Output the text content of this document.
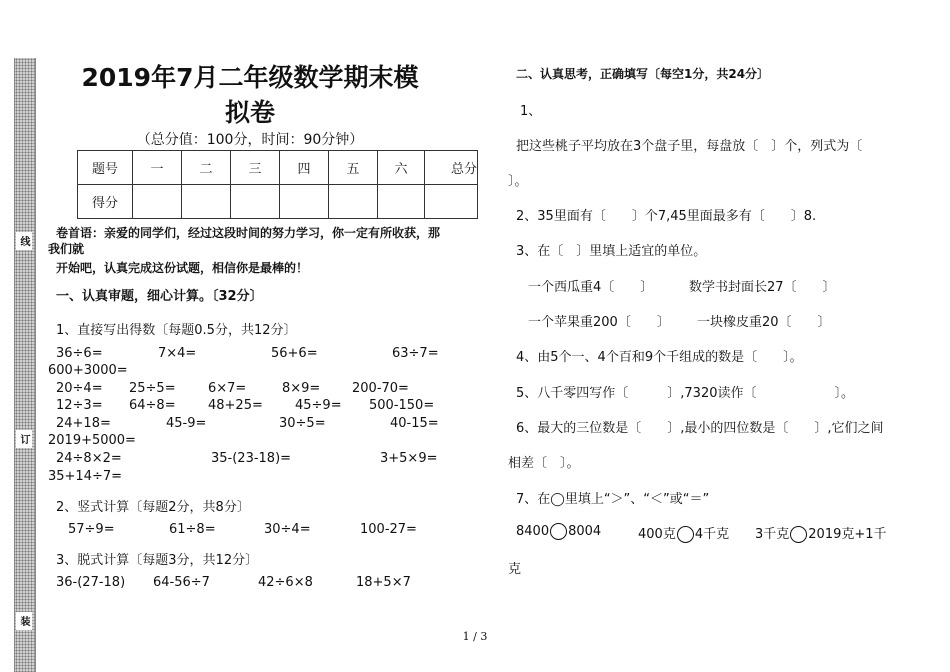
线
订
装
2019年7月二年级数学期末模
拟卷
（总分值：100分，时间：90分钟）
题号	一	二	三	四	五	六	总分
得分							
卷首语：亲爱的同学们，经过这段时间的努力学习，你一定有所收获，那
我们就
开始吧，认真完成这份试题，相信你是最棒的！
一、认真审题，细心计算。〔32分〕
1、直接写出得数〔每题0.5分，共12分〕
36÷6=	7×4=	56+6=	63÷7=
600+3000=
20÷4= 25÷5= 6×7=	8×9= 200-70=
12÷3= 64÷8= 48+25= 45÷9= 500-150=
24+18=	45-9=	30÷5=	40-15=
2019+5000=
24÷8×2=	35-(23-18)=	3+5×9=
35+14÷7=
2、竖式计算〔每题2分，共8分〕
57÷9=	61÷8=	30÷4=	100-27=
3、脱式计算〔每题3分，共12分〕
36-(27-18) 64-56÷7	42÷6×8	18+5×7
二、认真思考，正确填写〔每空1分，共24分〕
1、
把这些桃子平均放在3个盘子里，每盘放〔　〕个，列式为〔
〕。
2、35里面有〔　　〕个7,45里面最多有〔　　〕8.
3、在〔　〕里填上适宜的单位。
一个西瓜重4〔　　〕	数学书封面长27〔　　〕
一个苹果重200〔　　〕 一块橡皮重20〔　　〕
4、由5个一、4个百和9个千组成的数是〔　　〕。
5、八千零四写作〔　　　〕,7320读作〔　　　　　　〕。
6、最大的三位数是〔　　〕,最小的四位数是〔　　〕,它们之间
相差〔　〕。
7、在◯里填上“＞”、“＜”或“＝”
8400 8004	400克 4千克 3千克 2019克+1千
克
1 / 3
